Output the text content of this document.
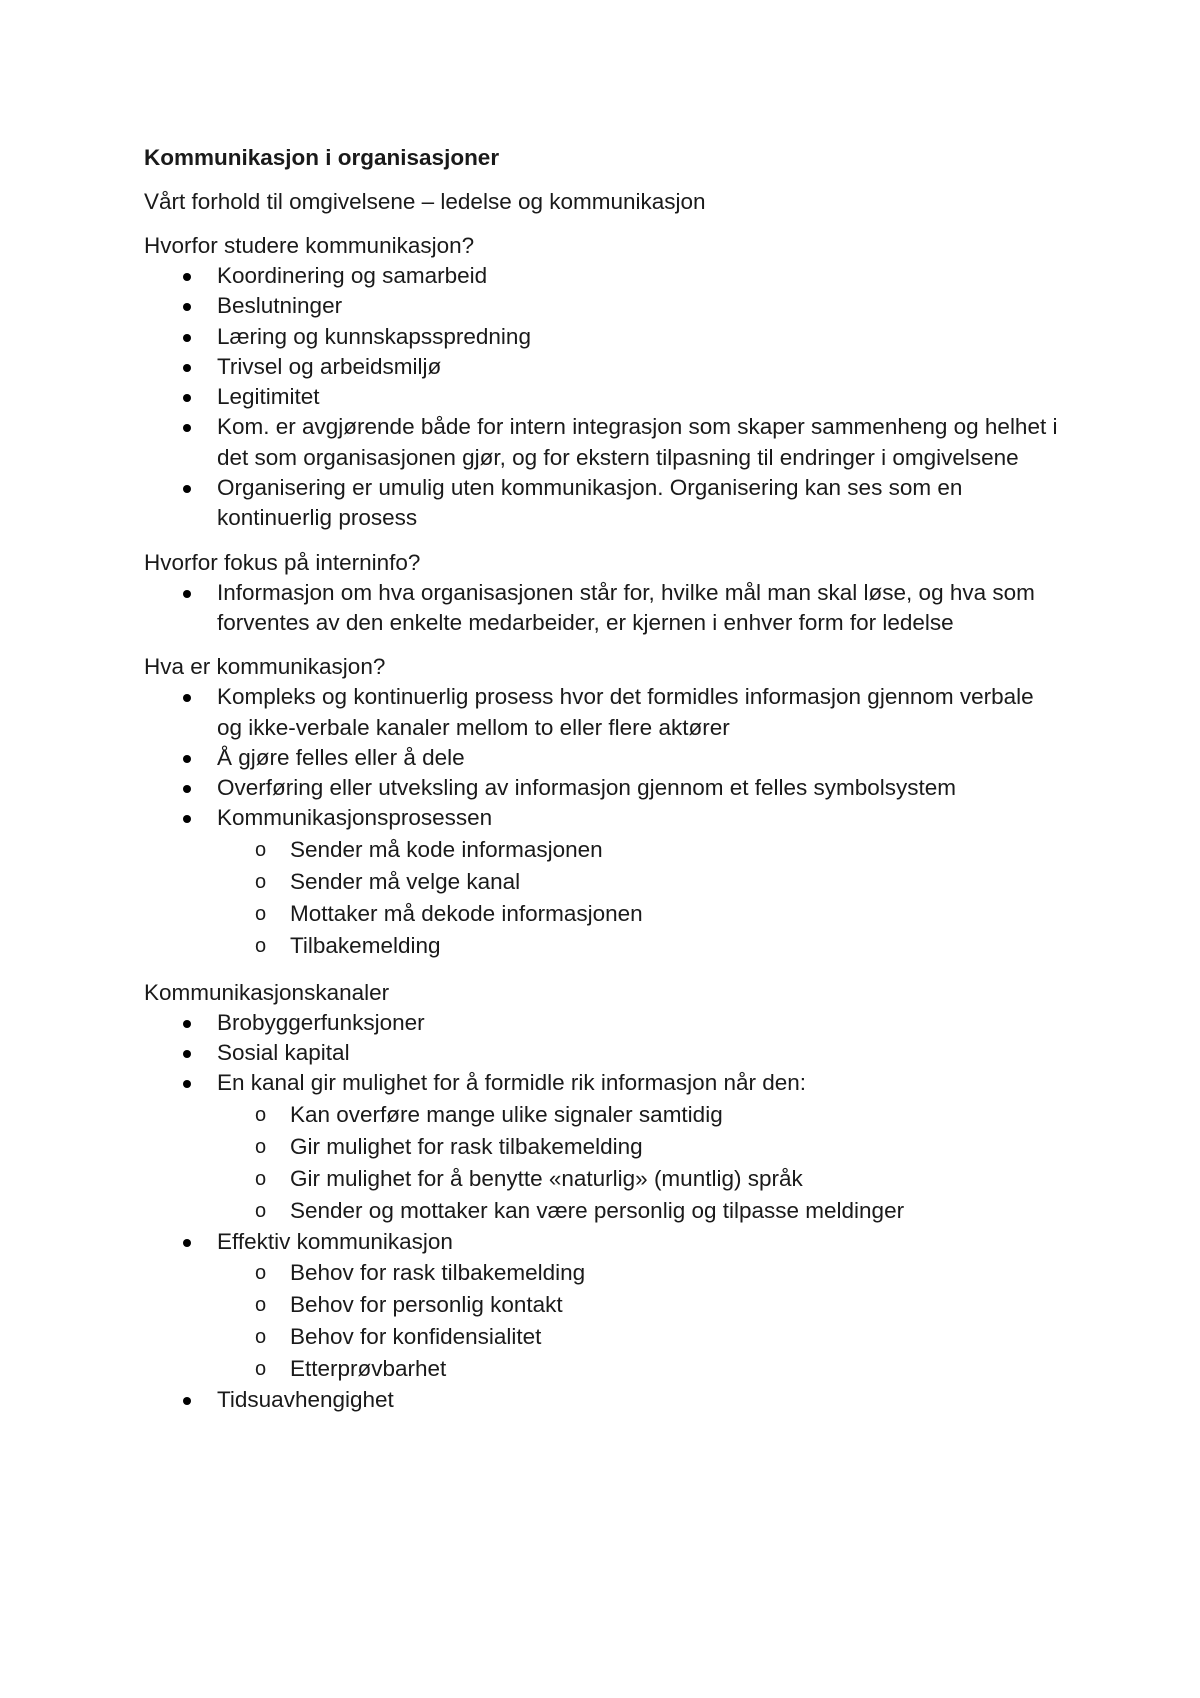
Kommunikasjon i organisasjoner

Vårt forhold til omgivelsene – ledelse og kommunikasjon

Hvorfor studere kommunikasjon?

Koordinering og samarbeid
Beslutninger
Læring og kunnskapsspredning
Trivsel og arbeidsmiljø
Legitimitet
Kom. er avgjørende både for intern integrasjon som skaper sammenheng og helhet i det som organisasjonen gjør, og for ekstern tilpasning til endringer i omgivelsene
Organisering er umulig uten kommunikasjon. Organisering kan ses som en kontinuerlig prosess

Hvorfor fokus på interninfo?

Informasjon om hva organisasjonen står for, hvilke mål man skal løse, og hva som forventes av den enkelte medarbeider, er kjernen i enhver form for ledelse

Hva er kommunikasjon?

Kompleks og kontinuerlig prosess hvor det formidles informasjon gjennom verbale og ikke-verbale kanaler mellom to eller flere aktører
Å gjøre felles eller å dele
Overføring eller utveksling av informasjon gjennom et felles symbolsystem
Kommunikasjonsprosessen
o Sender må kode informasjonen
o Sender må velge kanal
o Mottaker må dekode informasjonen
o Tilbakemelding

Kommunikasjonskanaler

Brobyggerfunksjoner
Sosial kapital
En kanal gir mulighet for å formidle rik informasjon når den:
o Kan overføre mange ulike signaler samtidig
o Gir mulighet for rask tilbakemelding
o Gir mulighet for å benytte «naturlig» (muntlig) språk
o Sender og mottaker kan være personlig og tilpasse meldinger
Effektiv kommunikasjon
o Behov for rask tilbakemelding
o Behov for personlig kontakt
o Behov for konfidensialitet
o Etterprøvbarhet
Tidsuavhengighet
